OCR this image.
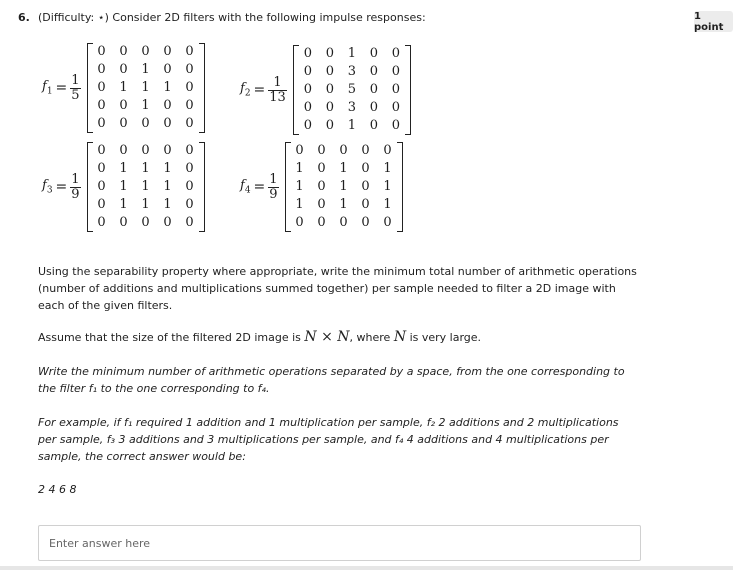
6. (Difficulty: ⋆) Consider 2D filters with the following impulse responses:	1 point
$f_1 = \frac{1}{5}$
0	0	0	0	0
0	0	1	0	0
0	1	1	1	0
0	0	1	0	0
0	0	0	0	0
$f_2 = \frac{1}{13}$
0	0	1	0	0
0	0	3	0	0
0	0	5	0	0
0	0	3	0	0
0	0	1	0	0
$f_3 = \frac{1}{9}$
0	0	0	0	0
0	1	1	1	0
0	1	1	1	0
0	1	1	1	0
0	0	0	0	0
$f_4 = \frac{1}{9}$
0	0	0	0	0
1	0	1	0	1
1	0	1	0	1
1	0	1	0	1
0	0	0	0	0
Using the separability property where appropriate, write the minimum total number of arithmetic operations (number of additions and multiplications summed together) per sample needed to filter a 2D image with each of the given filters.
Assume that the size of the filtered 2D image is N × N, where N is very large.
Write the minimum number of arithmetic operations separated by a space, from the one corresponding to the filter f₁ to the one corresponding to f₄.
For example, if f₁ required 1 addition and 1 multiplication per sample, f₂ 2 additions and 2 multiplications per sample, f₃ 3 additions and 3 multiplications per sample, and f₄ 4 additions and 4 multiplications per sample, the correct answer would be:
2 4 6 8
Enter answer here
